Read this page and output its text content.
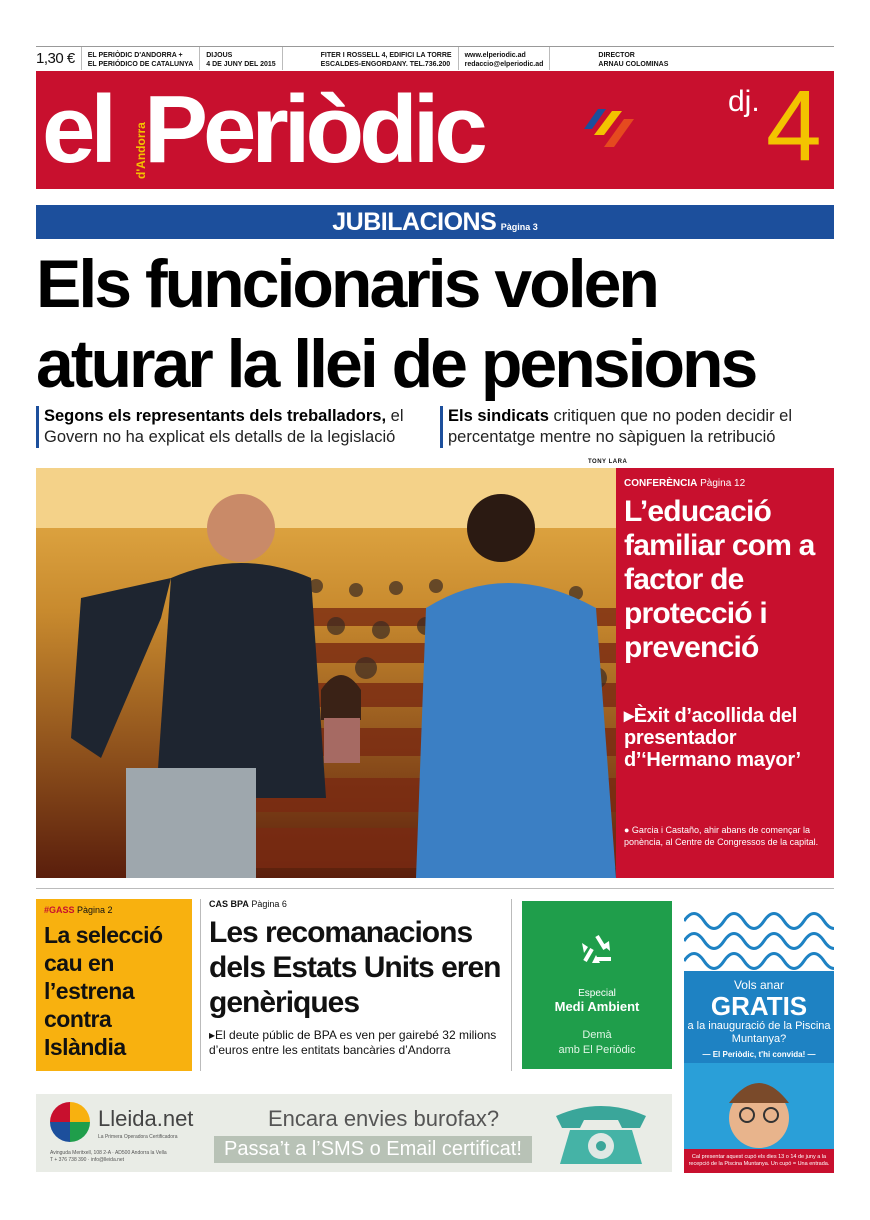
1,30 €	EL PERIÒDIC D'ANDORRA +
EL PERIÓDICO DE CATALUNYA
DIJOUS
4 DE JUNY DEL 2015
FITER I ROSSELL 4, EDIFICI LA TORRE
ESCALDES-ENGORDANY. TEL.736.200
www.elperiodic.ad
redaccio@elperiodic.ad
DIRECTOR
ARNAU COLOMINAS
el d'Andorra
Periòdic	dj. 4
JUBILACIONS Pàgina 3
Els funcionaris volen
aturar la llei de pensions
Segons els representants dels treballadors, el Govern no ha explicat els detalls de la legislació
Els sindicats critiquen que no poden decidir el percentatge mentre no sàpiguen la retribució
TONY LARA
CONFERÈNCIA Pàgina 12
L’educació familiar com a factor de protecció i prevenció
▸Èxit d’acollida del presentador d’‘Hermano mayor’
● Garcia i Castaño, ahir abans de començar la ponència, al Centre de Congressos de la capital.
#GASS Pàgina 2
La selecció cau en l’estrena contra Islàndia
CAS BPA Pàgina 6
Les recomanacions dels Estats Units eren genèriques
▸El deute públic de BPA es ven per gairebé 32 milions d’euros entre les entitats bancàries d’Andorra
Especial
Medi Ambient
Demà
amb El Periòdic
Vols anar
GRATIS
a la inauguració de la Piscina Muntanya?
— El Periòdic, t'hi convida! —
Cal presentar aquest cupó els dies 13 o 14 de juny a la recepció de la Piscina Muntanya. Un cupó = Una entrada.
Lleida.net
La Primera Operadora Certificadora
Avinguda Meritxell, 108 2-A · AD500 Andorra la Vella
T + 376 738 390 · info@lleida.net
Encara envies burofax?
Passa’t a l’SMS o Email certificat!
